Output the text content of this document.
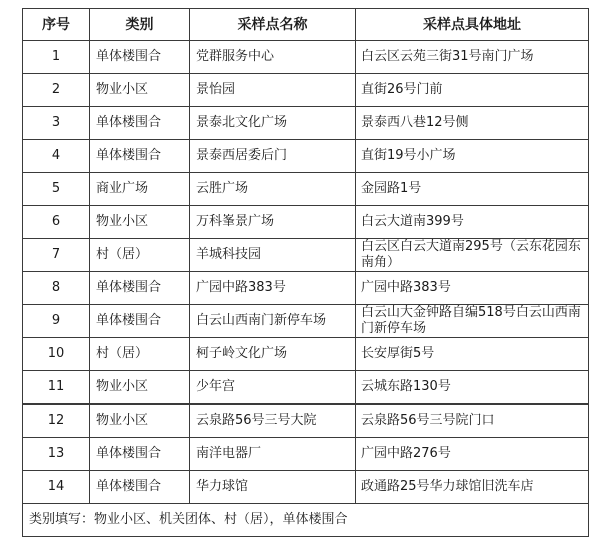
序号	类别	采样点名称	采样点具体地址
1	单体楼围合	党群服务中心	白云区云苑三街31号南门广场
2	物业小区	景怡园	直街26号门前
3	单体楼围合	景泰北文化广场	景泰西八巷12号侧
4	单体楼围合	景泰西居委后门	直街19号小广场
5	商业广场	云胜广场	金园路1号
6	物业小区	万科峯景广场	白云大道南399号
7	村（居）	羊城科技园	白云区白云大道南295号（云东花园东南角）
8	单体楼围合	广园中路383号	广园中路383号
9	单体楼围合	白云山西南门新停车场	白云山大金钟路自编518号白云山西南门新停车场
10	村（居）	柯子岭文化广场	长安厚街5号
11	物业小区	少年宫	云城东路130号
12	物业小区	云泉路56号三号大院	云泉路56号三号院门口
13	单体楼围合	南洋电器厂	广园中路276号
14	单体楼围合	华力球馆	政通路25号华力球馆旧洗车店
类别填写：物业小区、机关团体、村（居），单体楼围合			
